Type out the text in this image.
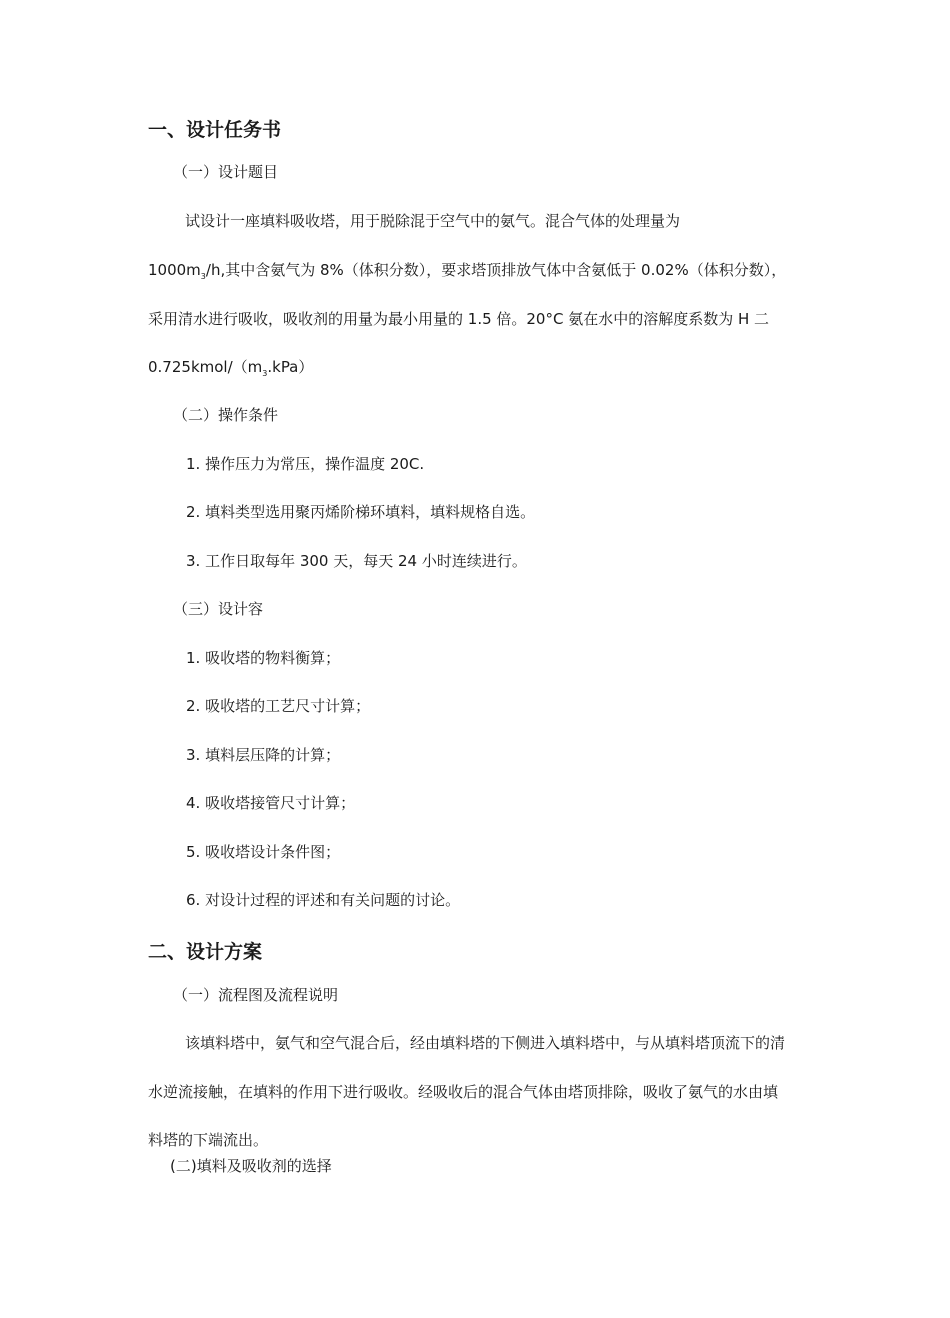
一、设计任务书
（一）设计题目
试设计一座填料吸收塔，用于脱除混于空气中的氨气。混合气体的处理量为
$1000m_3/h$,其中含氨气为 8%（体积分数），要求塔顶排放气体中含氨低于 0.02%（体积分数），
采用清水进行吸收，吸收剂的用量为最小用量的 1.5 倍。20°C 氨在水中的溶解度系数为 H 二
$0.725kmol/(m_3.kPa)$
（二）操作条件
1. 操作压力为常压，操作温度 20C.
2. 填料类型选用聚丙烯阶梯环填料，填料规格自选。
3. 工作日取每年 300 天，每天 24 小时连续进行。
（三）设计容
1. 吸收塔的物料衡算；
2. 吸收塔的工艺尺寸计算；
3. 填料层压降的计算；
4. 吸收塔接管尺寸计算；
5. 吸收塔设计条件图；
6. 对设计过程的评述和有关问题的讨论。
二、设计方案
（一）流程图及流程说明
该填料塔中，氨气和空气混合后，经由填料塔的下侧进入填料塔中，与从填料塔顶流下的清
水逆流接触，在填料的作用下进行吸收。经吸收后的混合气体由塔顶排除，吸收了氨气的水由填
料塔的下端流出。
(二)填料及吸收剂的选择
